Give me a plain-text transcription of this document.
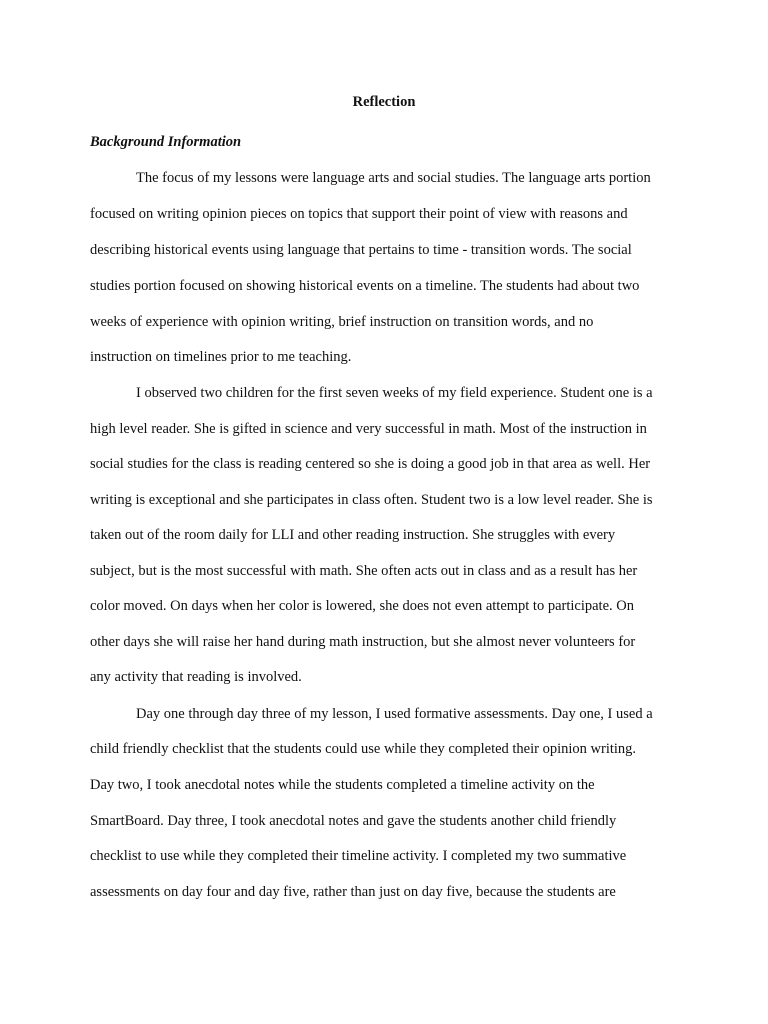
Reflection
Background Information
The focus of my lessons were language arts and social studies. The language arts portion
focused on writing opinion pieces on topics that support their point of view with reasons and
describing historical events using language that pertains to time - transition words. The social
studies portion focused on showing historical events on a timeline. The students had about two
weeks of experience with opinion writing, brief instruction on transition words, and no
instruction on timelines prior to me teaching.
I observed two children for the first seven weeks of my field experience. Student one is a
high level reader. She is gifted in science and very successful in math. Most of the instruction in
social studies for the class is reading centered so she is doing a good job in that area as well. Her
writing is exceptional and she participates in class often. Student two is a low level reader. She is
taken out of the room daily for LLI and other reading instruction. She struggles with every
subject, but is the most successful with math. She often acts out in class and as a result has her
color moved. On days when her color is lowered, she does not even attempt to participate. On
other days she will raise her hand during math instruction, but she almost never volunteers for
any activity that reading is involved.
Day one through day three of my lesson, I used formative assessments. Day one, I used a
child friendly checklist that the students could use while they completed their opinion writing.
Day two, I took anecdotal notes while the students completed a timeline activity on the
SmartBoard. Day three, I took anecdotal notes and gave the students another child friendly
checklist to use while they completed their timeline activity. I completed my two summative
assessments on day four and day five, rather than just on day five, because the students are
